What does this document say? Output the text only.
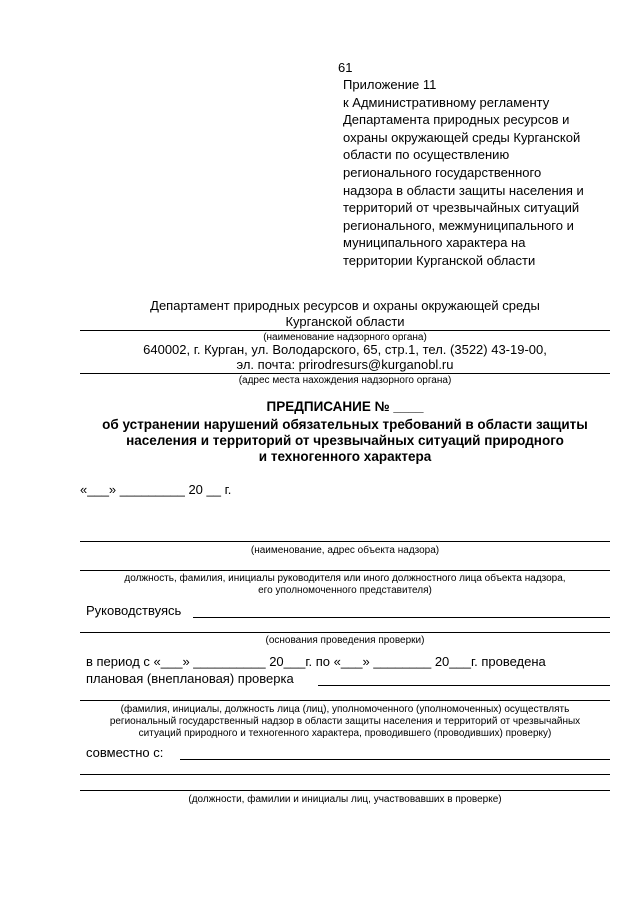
61
Приложение 11
к Административному регламенту
Департамента природных ресурсов и
охраны окружающей среды Курганской
области по осуществлению
регионального государственного
надзора в области защиты населения и
территорий от чрезвычайных ситуаций
регионального, межмуниципального и
муниципального характера на
территории Курганской области
Департамент природных ресурсов и охраны окружающей среды
Курганской области
(наименование надзорного органа)
640002, г. Курган, ул. Володарского, 65, стр.1, тел. (3522) 43-19-00,
эл. почта: prirodresurs@kurganobl.ru
(адрес места нахождения надзорного органа)
ПРЕДПИСАНИЕ № ____
об устранении нарушений обязательных требований в области защиты
населения и территорий от чрезвычайных ситуаций природного
и техногенного характера
«___» _________ 20 __ г.
(наименование, адрес объекта надзора)
должность, фамилия, инициалы руководителя или иного должностного лица объекта надзора,
его уполномоченного представителя)
Руководствуясь
(основания проведения проверки)
в период с «___» __________ 20___г. по «___» ________ 20___г. проведена
плановая (внеплановая) проверка
(фамилия, инициалы, должность лица (лиц), уполномоченного (уполномоченных) осуществлять
региональный государственный надзор в области защиты населения и территорий от чрезвычайных
ситуаций природного и техногенного характера, проводившего (проводивших) проверку)
совместно с:
(должности, фамилии и инициалы лиц, участвовавших в проверке)
